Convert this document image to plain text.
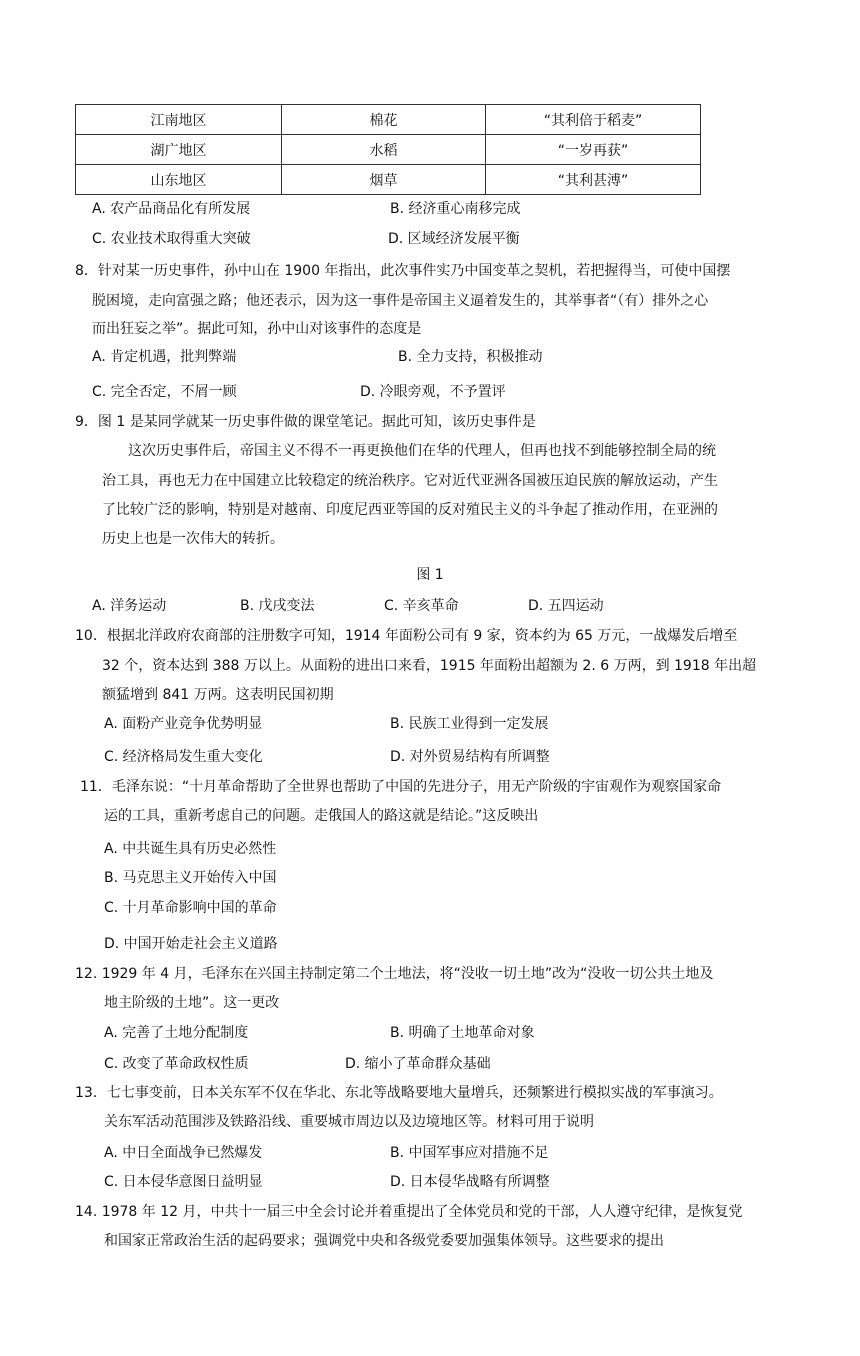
江南地区	棉花	“其利倍于稻麦”
湖广地区	水稻	“一岁再获”
山东地区	烟草	“其利甚溥”
A. 农产品商品化有所发展	B. 经济重心南移完成
C. 农业技术取得重大突破	D. 区域经济发展平衡
8．针对某一历史事件，孙中山在 1900 年指出，此次事件实乃中国变革之契机，若把握得当，可使中国摆
脱困境，走向富强之路；他还表示，因为这一事件是帝国主义逼着发生的，其举事者“（有）排外之心
而出狂妄之举”。据此可知，孙中山对该事件的态度是
A. 肯定机遇，批判弊端	B. 全力支持，积极推动
C. 完全否定，不屑一顾	D. 冷眼旁观，不予置评
9．图 1 是某同学就某一历史事件做的课堂笔记。据此可知，该历史事件是
这次历史事件后，帝国主义不得不一再更换他们在华的代理人，但再也找不到能够控制全局的统
治工具，再也无力在中国建立比较稳定的统治秩序。它对近代亚洲各国被压迫民族的解放运动，产生
了比较广泛的影响，特别是对越南、印度尼西亚等国的反对殖民主义的斗争起了推动作用，在亚洲的
历史上也是一次伟大的转折。
图 1
A. 洋务运动	B. 戊戌变法	C. 辛亥革命	D. 五四运动
10．根据北洋政府农商部的注册数字可知，1914 年面粉公司有 9 家，资本约为 65 万元，一战爆发后增至
32 个，资本达到 388 万以上。从面粉的进出口来看，1915 年面粉出超额为 2. 6 万两，到 1918 年出超
额猛增到 841 万两。这表明民国初期
A. 面粉产业竞争优势明显	B. 民族工业得到一定发展
C. 经济格局发生重大变化	D. 对外贸易结构有所调整
11．毛泽东说：“十月革命帮助了全世界也帮助了中国的先进分子，用无产阶级的宇宙观作为观察国家命
运的工具，重新考虑自己的问题。走俄国人的路这就是结论。”这反映出
A. 中共诞生具有历史必然性
B. 马克思主义开始传入中国
C. 十月革命影响中国的革命
D. 中国开始走社会主义道路
12. 1929 年 4 月，毛泽东在兴国主持制定第二个土地法，将“没收一切土地”改为“没收一切公共土地及
地主阶级的土地”。这一更改
A. 完善了土地分配制度	B. 明确了土地革命对象
C. 改变了革命政权性质	D. 缩小了革命群众基础
13．七七事变前，日本关东军不仅在华北、东北等战略要地大量增兵，还频繁进行模拟实战的军事演习。
关东军活动范围涉及铁路沿线、重要城市周边以及边境地区等。材料可用于说明
A. 中日全面战争已然爆发	B. 中国军事应对措施不足
C. 日本侵华意图日益明显	D. 日本侵华战略有所调整
14. 1978 年 12 月，中共十一届三中全会讨论并着重提出了全体党员和党的干部，人人遵守纪律，是恢复党
和国家正常政治生活的起码要求；强调党中央和各级党委要加强集体领导。这些要求的提出
